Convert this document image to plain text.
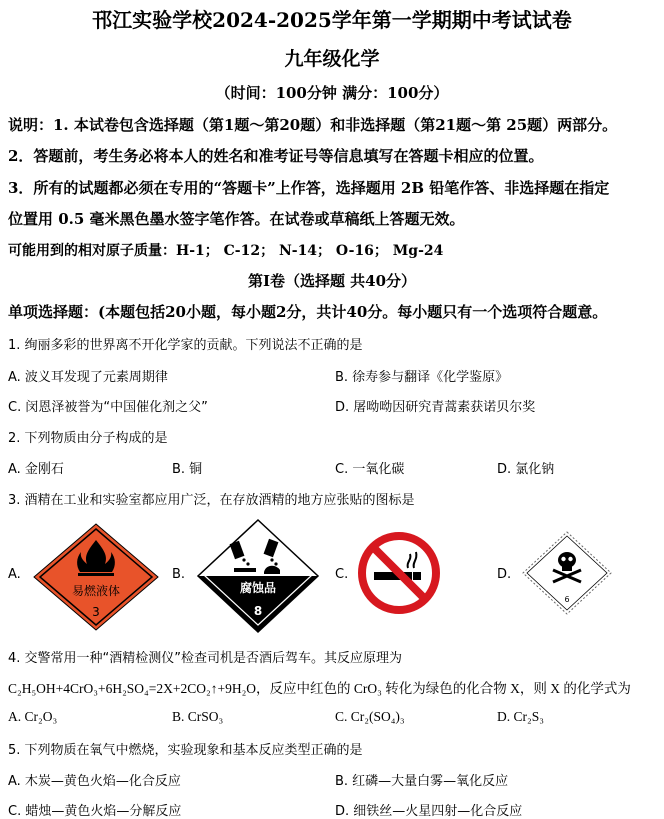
邗江实验学校2024-2025学年第一学期期中考试试卷
九年级化学
（时间：100分钟 满分：100分）
说明：1. 本试卷包含选择题（第1题～第20题）和非选择题（第21题～第 25题）两部分。
2．答题前，考生务必将本人的姓名和准考证号等信息填写在答题卡相应的位置。
3．所有的试题都必须在专用的“答题卡”上作答，选择题用 2B 铅笔作答、非选择题在指定
位置用 0.5 毫米黑色墨水签字笔作答。在试卷或草稿纸上答题无效。
可能用到的相对原子质量：H-1； C-12； N-14； O-16； Mg-24
第Ⅰ卷（选择题 共40分）
单项选择题：(本题包括20小题，每小题2分，共计40分。每小题只有一个选项符合题意。
1. 绚丽多彩的世界离不开化学家的贡献。下列说法不正确的是
A. 波义耳发现了元素周期律	B. 徐寿参与翻译《化学鉴原》
C. 闵恩泽被誉为“中国催化剂之父”	D. 屠呦呦因研究青蒿素获诺贝尔奖
2. 下列物质由分子构成的是
A. 金刚石	B. 铜	C. 一氧化碳	D. 氯化钠
3. 酒精在工业和实验室都应用广泛，在存放酒精的地方应张贴的图标是
A.
易燃液体
3
B.
腐蚀品
8
C.	D.
6
4. 交警常用一种“酒精检测仪”检查司机是否酒后驾车。其反应原理为
C₂H₅OH+4CrO₃+6H₂SO₄=2X+2CO₂↑+9H₂O，反应中红色的 CrO₃ 转化为绿色的化合物 X，则 X 的化学式为
A. Cr₂O₃	B. CrSO₃	C. Cr₂(SO₄)₃	D. Cr₂S₃
5. 下列物质在氧气中燃烧，实验现象和基本反应类型正确的是
A. 木炭—黄色火焰—化合反应	B. 红磷—大量白雾—氧化反应
C. 蜡烛—黄色火焰—分解反应	D. 细铁丝—火星四射—化合反应
